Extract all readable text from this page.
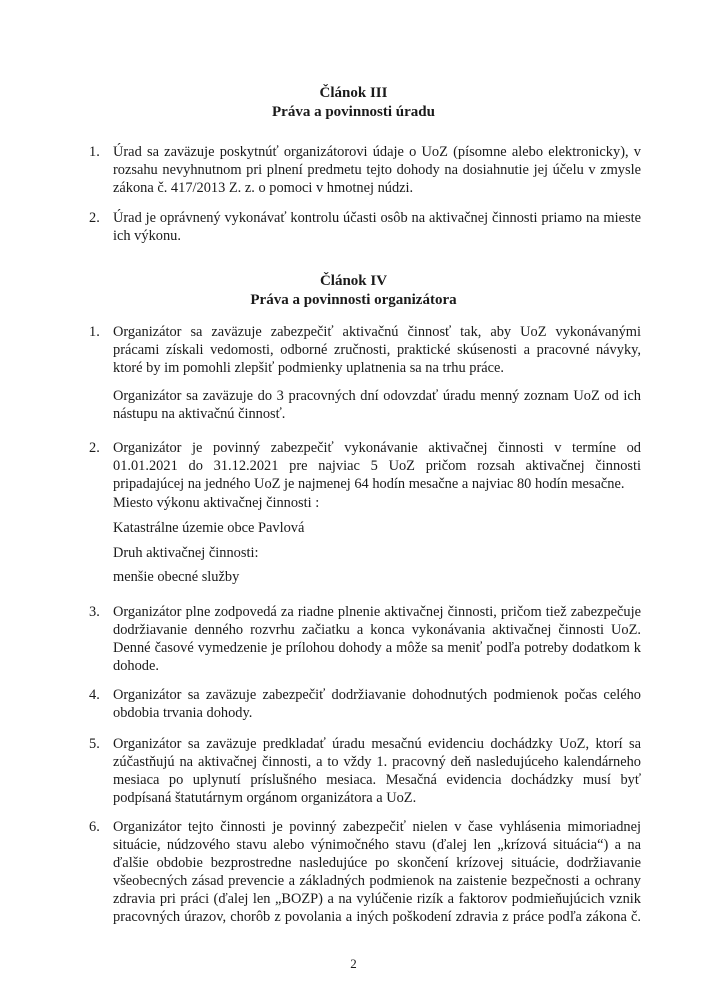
Článok III
Práva a povinnosti úradu
1. Úrad sa zaväzuje poskytnúť organizátorovi údaje o UoZ (písomne alebo elektronicky), v
rozsahu nevyhnutnom pri plnení predmetu tejto dohody na dosiahnutie jej účelu v zmysle
zákona č. 417/2013 Z. z. o pomoci v hmotnej núdzi.
2. Úrad je oprávnený vykonávať kontrolu účasti osôb na aktivačnej činnosti priamo na mieste
ich výkonu.
Článok IV
Práva a povinnosti organizátora
1. Organizátor sa zaväzuje zabezpečiť aktivačnú činnosť tak, aby UoZ vykonávanými
prácami získali vedomosti, odborné zručnosti, praktické skúsenosti a pracovné návyky,
ktoré by im pomohli zlepšiť podmienky uplatnenia sa na trhu práce.
Organizátor sa zaväzuje do 3 pracovných dní odovzdať úradu menný zoznam UoZ od ich
nástupu na aktivačnú činnosť.
2. Organizátor je povinný zabezpečiť vykonávanie aktivačnej činnosti v termíne od
01.01.2021 do 31.12.2021 pre najviac 5 UoZ pričom rozsah aktivačnej činnosti
pripadajúcej na jedného UoZ je najmenej 64 hodín mesačne a najviac 80 hodín mesačne.
Miesto výkonu aktivačnej činnosti :
Katastrálne územie obce Pavlová
Druh aktivačnej činnosti:
menšie obecné služby
3. Organizátor plne zodpovedá za riadne plnenie aktivačnej činnosti, pričom tiež zabezpečuje
dodržiavanie denného rozvrhu začiatku a konca vykonávania aktivačnej činnosti UoZ.
Denné časové vymedzenie je prílohou dohody a môže sa meniť podľa potreby dodatkom k
dohode.
4. Organizátor sa zaväzuje zabezpečiť dodržiavanie dohodnutých podmienok počas celého
obdobia trvania dohody.
5. Organizátor sa zaväzuje predkladať úradu mesačnú evidenciu dochádzky UoZ, ktorí sa
zúčastňujú na aktivačnej činnosti, a to vždy 1. pracovný deň nasledujúceho kalendárneho
mesiaca po uplynutí príslušného mesiaca. Mesačná evidencia dochádzky musí byť
podpísaná štatutárnym orgánom organizátora a UoZ.
6. Organizátor tejto činnosti je povinný zabezpečiť nielen v čase vyhlásenia mimoriadnej
situácie, núdzového stavu alebo výnimočného stavu (ďalej len „krízová situácia“) a na
ďalšie obdobie bezprostredne nasledujúce po skončení krízovej situácie, dodržiavanie
všeobecných zásad prevencie a základných podmienok na zaistenie bezpečnosti a ochrany
zdravia pri práci (ďalej len „BOZP) a na vylúčenie rizík a faktorov podmieňujúcich vznik
pracovných úrazov, chorôb z povolania a iných poškodení zdravia z práce podľa zákona č.
2
